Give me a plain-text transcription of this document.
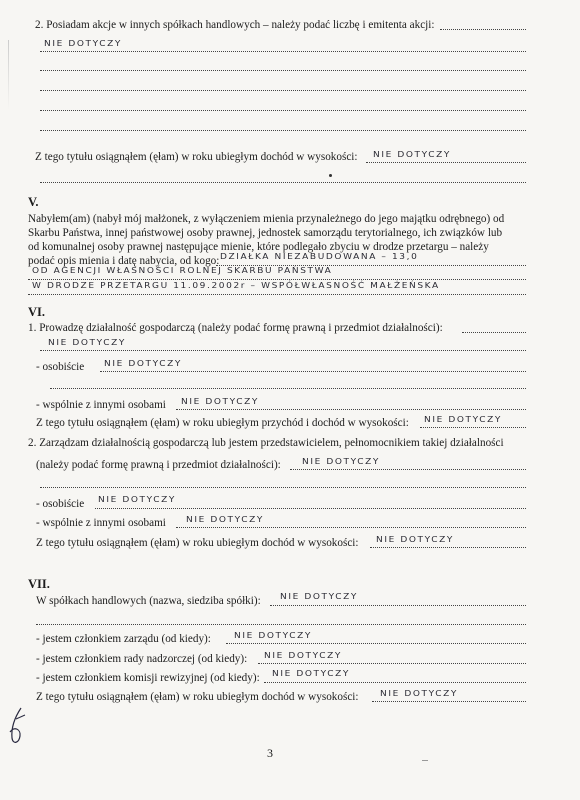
2. Posiadam akcje w innych spółkach handlowych – należy podać liczbę i emitenta akcji:
NIE DOTYCZY
Z tego tytułu osiągnąłem (ęłam) w roku ubiegłym dochód w wysokości: NIE DOTYCZY
V.
Nabyłem(am) (nabył mój małżonek, z wyłączeniem mienia przynależnego do jego majątku odrębnego) od
Skarbu Państwa, innej państwowej osoby prawnej, jednostek samorządu terytorialnego, ich związków lub
od komunalnej osoby prawnej następujące mienie, które podlegało zbyciu w drodze przetargu – należy
podać opis mienia i datę nabycia, od kogo: DZIAŁKA NIEZABUDOWANA – 13,0
OD AGENCJI WŁASNOŚCI ROLNEJ SKARBU PAŃSTWA
W DRODZE PRZETARGU 11.09.2002r – WSPÓŁWŁASNOŚĆ MAŁŻEŃSKA
VI.
1. Prowadzę działalność gospodarczą (należy podać formę prawną i przedmiot działalności):
NIE DOTYCZY
- osobiście NIE DOTYCZY
- wspólnie z innymi osobami NIE DOTYCZY
Z tego tytułu osiągnąłem (ęłam) w roku ubiegłym przychód i dochód w wysokości: NIE DOTYCZY
2. Zarządzam działalnością gospodarczą lub jestem przedstawicielem, pełnomocnikiem takiej działalności
(należy podać formę prawną i przedmiot działalności): NIE DOTYCZY
- osobiście NIE DOTYCZY
- wspólnie z innymi osobami NIE DOTYCZY
Z tego tytułu osiągnąłem (ęłam) w roku ubiegłym dochód w wysokości: NIE DOTYCZY
VII.
W spółkach handlowych (nazwa, siedziba spółki): NIE DOTYCZY
- jestem członkiem zarządu (od kiedy):	NIE DOTYCZY
- jestem członkiem rady nadzorczej (od kiedy): NIE DOTYCZY
- jestem członkiem komisji rewizyjnej (od kiedy): NIE DOTYCZY
Z tego tytułu osiągnąłem (ęłam) w roku ubiegłym dochód w wysokości: NIE DOTYCZY
3
